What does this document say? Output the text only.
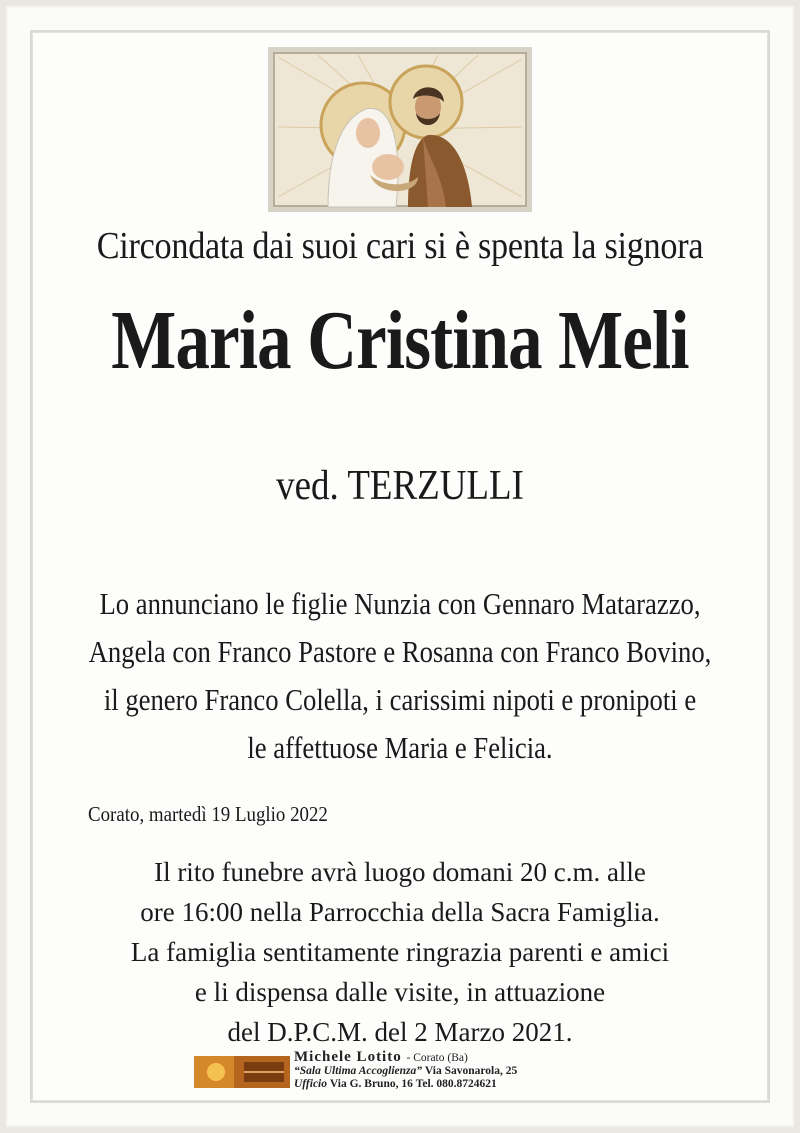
Circondata dai suoi cari si è spenta la signora
Maria Cristina Meli
ved. TERZULLI
Lo annunciano le figlie Nunzia con Gennaro Matarazzo,
Angela con Franco Pastore e Rosanna con Franco Bovino,
il genero Franco Colella, i carissimi nipoti e pronipoti e
le affettuose Maria e Felicia.
Corato, martedì 19 Luglio 2022
Il rito funebre avrà luogo domani 20 c.m. alle
ore 16:00 nella Parrocchia della Sacra Famiglia.
La famiglia sentitamente ringrazia parenti e amici
e li dispensa dalle visite, in attuazione
del D.P.C.M. del 2 Marzo 2021.
Michele Lotito - Corato (Ba)
“Sala Ultima Accoglienza” Via Savonarola, 25
Ufficio Via G. Bruno, 16 Tel. 080.8724621
